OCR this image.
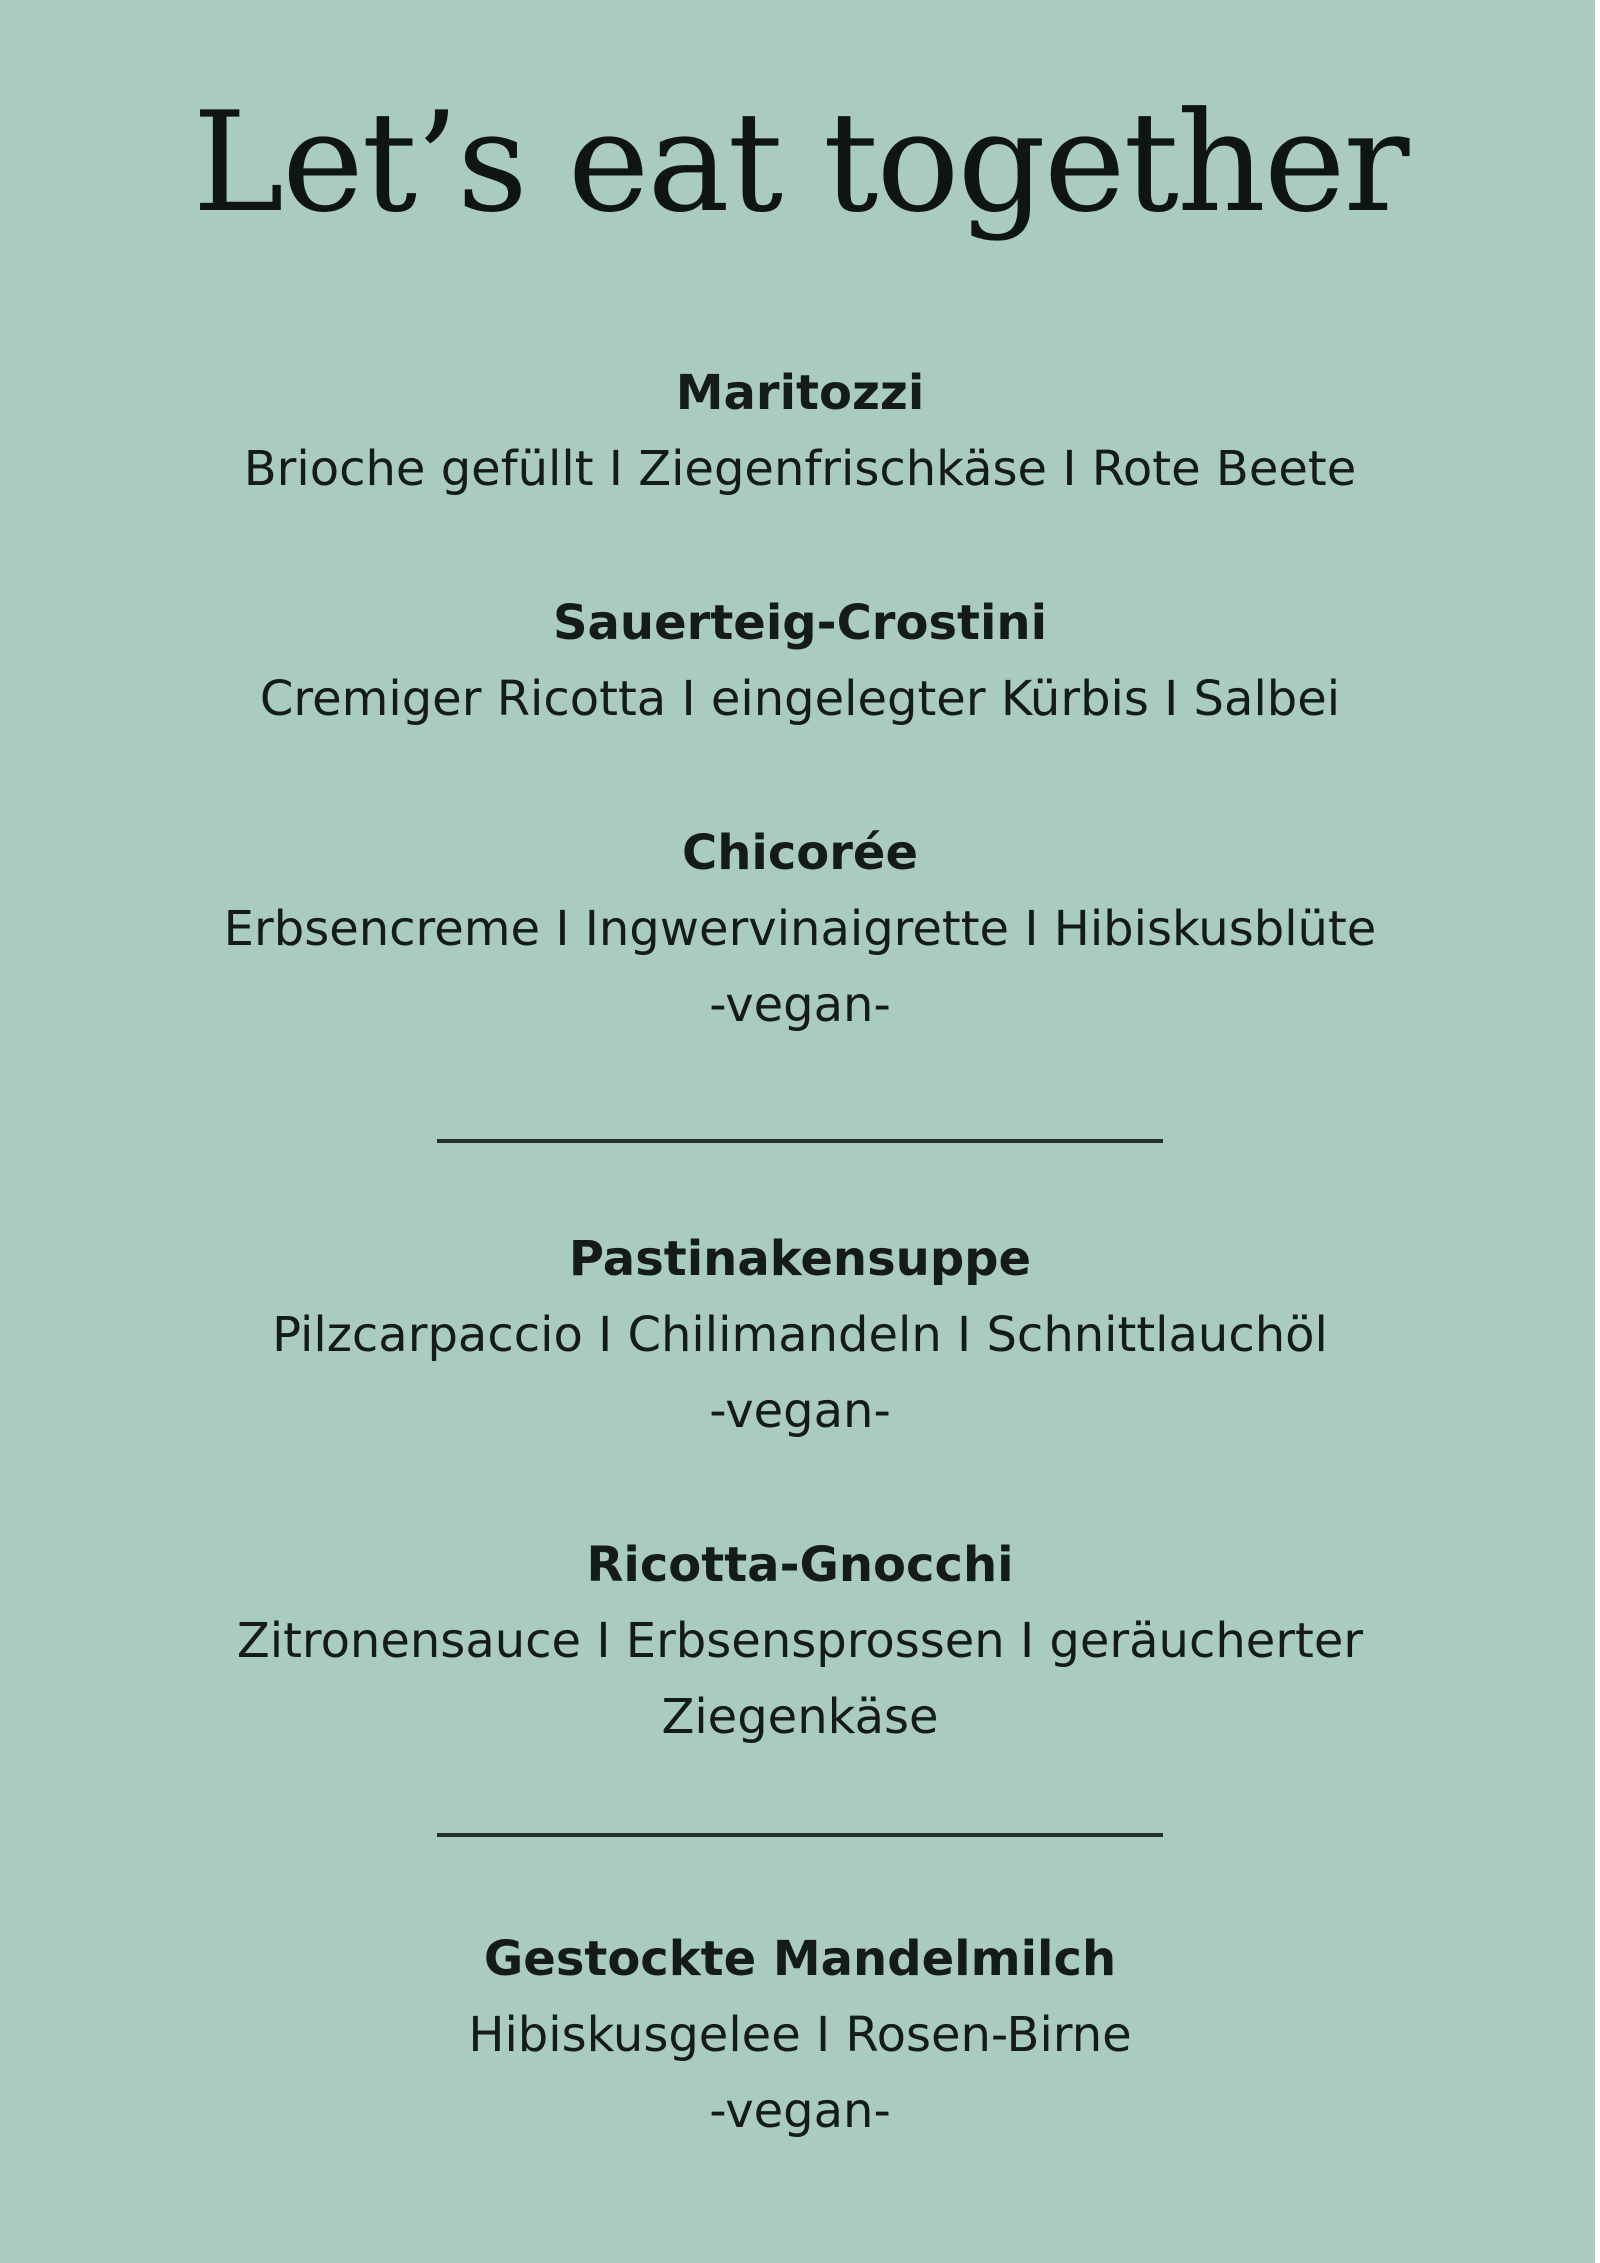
Let’s eat together
Maritozzi
Brioche gefüllt I Ziegenfrischkäse I Rote Beete
Sauerteig-Crostini
Cremiger Ricotta I eingelegter Kürbis I Salbei
Chicorée
Erbsencreme I Ingwervinaigrette I Hibiskusblüte
-vegan-
Pastinakensuppe
Pilzcarpaccio I Chilimandeln I Schnittlauchöl
-vegan-
Ricotta-Gnocchi
Zitronensauce I Erbsensprossen I geräucherter
Ziegenkäse
Gestockte Mandelmilch
Hibiskusgelee I Rosen-Birne
-vegan-
